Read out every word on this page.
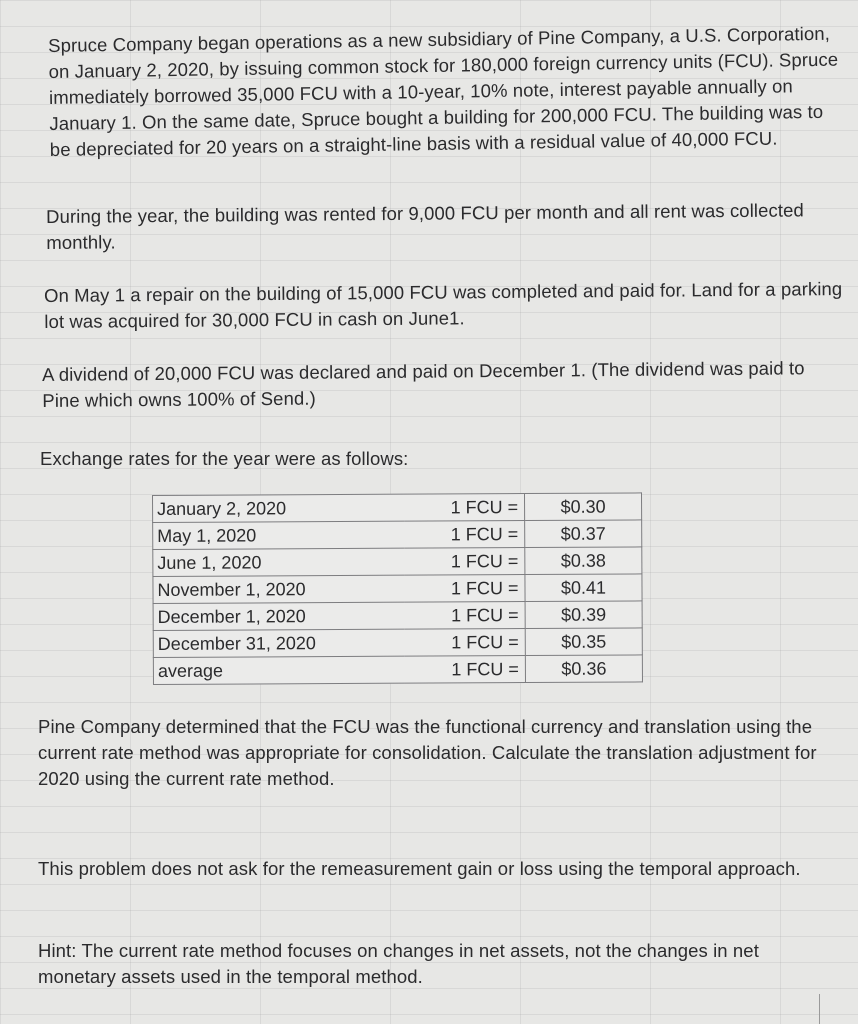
Spruce Company began operations as a new subsidiary of Pine Company, a U.S. Corporation, on January 2, 2020, by issuing common stock for 180,000 foreign currency units (FCU). Spruce immediately borrowed 35,000 FCU with a 10-year, 10% note, interest payable annually on January 1. On the same date, Spruce bought a building for 200,000 FCU. The building was to be depreciated for 20 years on a straight-line basis with a residual value of 40,000 FCU.

During the year, the building was rented for 9,000 FCU per month and all rent was collected monthly.

On May 1 a repair on the building of 15,000 FCU was completed and paid for. Land for a parking lot was acquired for 30,000 FCU in cash on June1.

A dividend of 20,000 FCU was declared and paid on December 1. (The dividend was paid to Pine which owns 100% of Send.)

Exchange rates for the year were as follows:

January 2, 2020	1 FCU =	$0.30
May 1, 2020	1 FCU =	$0.37
June 1, 2020	1 FCU =	$0.38
November 1, 2020	1 FCU =	$0.41
December 1, 2020	1 FCU =	$0.39
December 31, 2020	1 FCU =	$0.35
average	1 FCU =	$0.36

Pine Company determined that the FCU was the functional currency and translation using the current rate method was appropriate for consolidation. Calculate the translation adjustment for 2020 using the current rate method.

This problem does not ask for the remeasurement gain or loss using the temporal approach.

Hint: The current rate method focuses on changes in net assets, not the changes in net monetary assets used in the temporal method.
